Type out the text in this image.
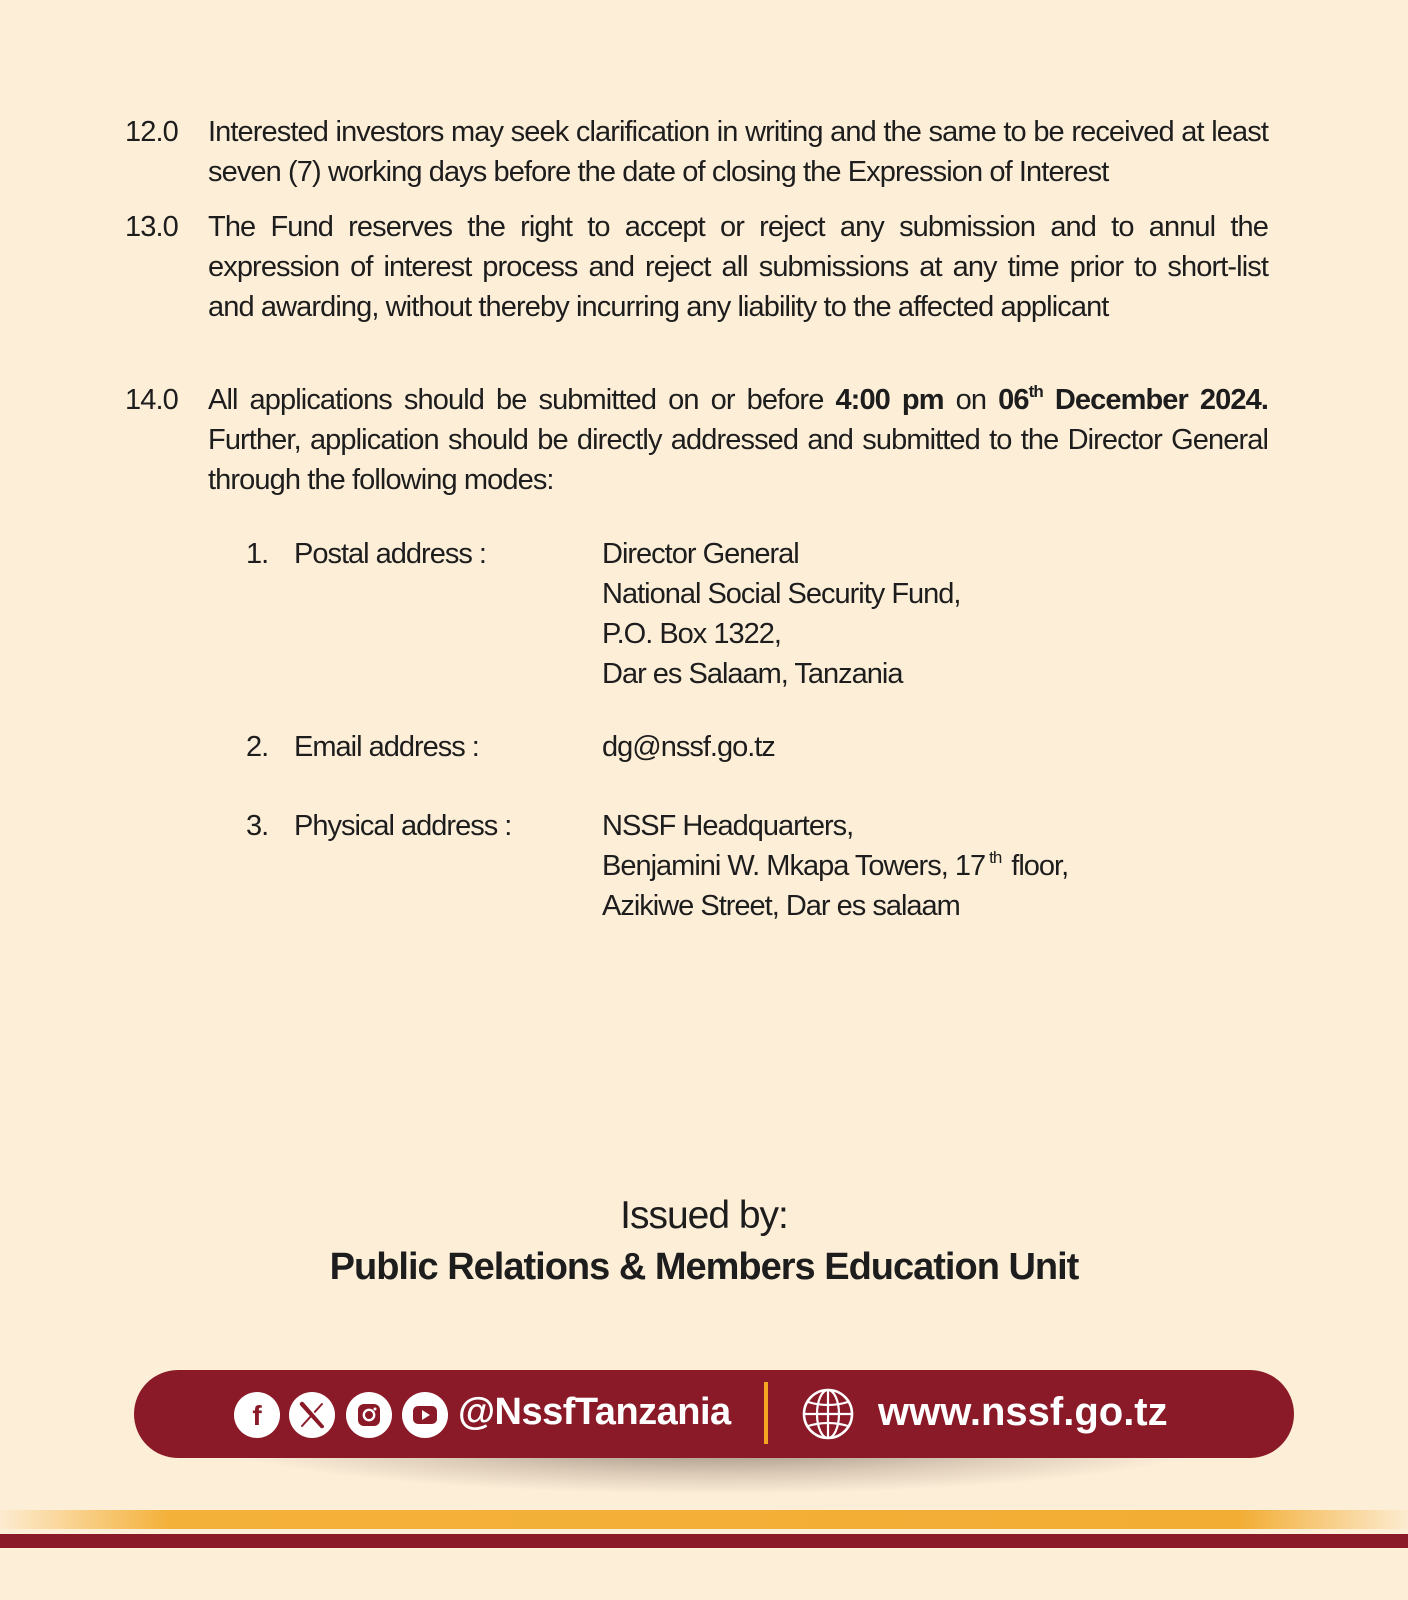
12.0	Interested investors may seek clarification in writing and the same to be received at least seven (7) working days before the date of closing the Expression of Interest
13.0	The Fund reserves the right to accept or reject any submission and to annul the expression of interest process and reject all submissions at any time prior to short-list and awarding, without thereby incurring any liability to the affected applicant
14.0	All applications should be submitted on or before 4:00 pm on 06th December 2024. Further, application should be directly addressed and submitted to the Director General through the following modes:
1. Postal address :	Director General
National Social Security Fund,
P.O. Box 1322,
Dar es Salaam, Tanzania
2. Email address :	dg@nssf.go.tz
3. Physical address :	NSSF Headquarters,
Benjamini W. Mkapa Towers, 17 $^{th}$ floor,
Azikiwe Street, Dar es salaam
Issued by:
Public Relations & Members Education Unit
f	@NssfTanzania	www.nssf.go.tz
